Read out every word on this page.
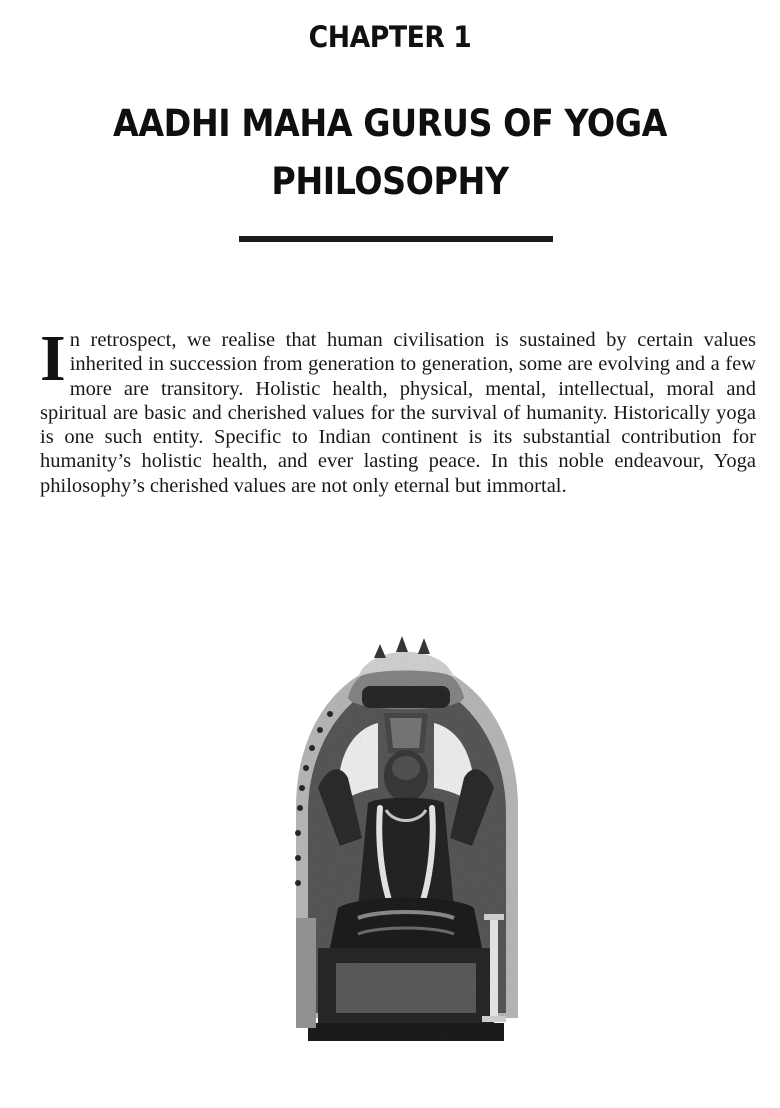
CHAPTER 1
AADHI MAHA GURUS OF YOGA
PHILOSOPHY

In retrospect, we realise that human civilisation is sustained by certain values inherited in succession from generation to generation, some are evolving and a few more are transitory. Holistic health, physical, mental, intellectual, moral and spiritual are basic and cherished values for the survival of humanity. Historically yoga is one such entity. Specific to Indian continent is its substantial contribution for humanity’s holistic health, and ever lasting peace. In this noble endeavour, Yoga philosophy’s cherished values are not only eternal but immortal.
